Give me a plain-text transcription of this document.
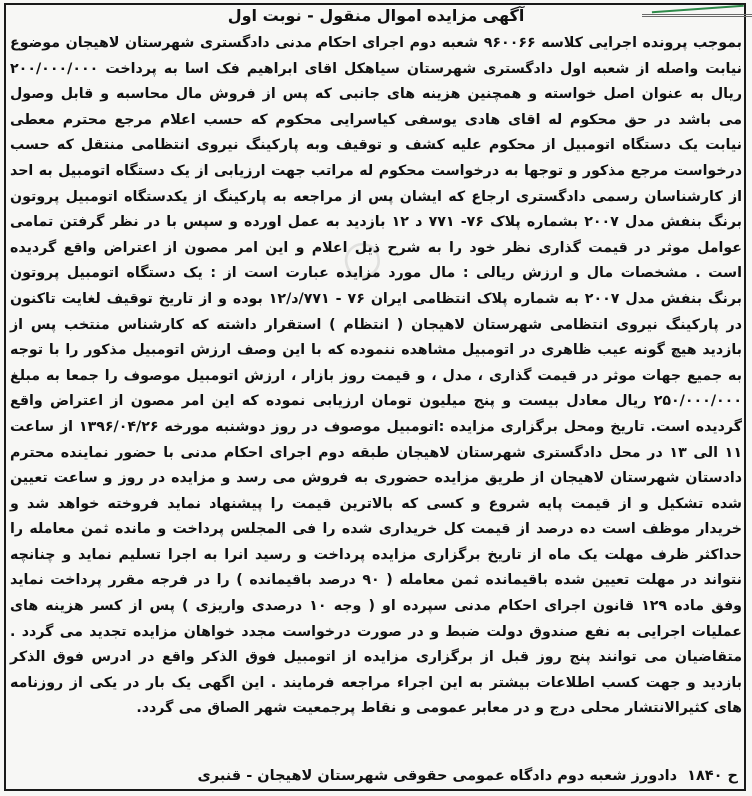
○
آگهی مزایده اموال منقول - نوبت اول
بموجب پرونده اجرایی کلاسه ۹۶۰۰۶۶ شعبه دوم اجرای احکام مدنی دادگستری شهرستان لاهیجان موضوع نیابت واصله از شعبه اول دادگستری شهرستان سیاهکل اقای ابراهیم فک اسا به پرداخت ۲۰۰/۰۰۰/۰۰۰ ریال به عنوان اصل خواسته و همچنین هزینه های جانبی که پس از فروش مال محاسبه و قابل وصول می باشد در حق محکوم له اقای هادی یوسفی کیاسرایی محکوم که حسب اعلام مرجع محترم معطی نیابت یک دستگاه اتومبیل از محکوم علیه کشف و توقیف وبه پارکینگ نیروی انتظامی منتقل که حسب درخواست مرجع مذکور و توجها به درخواست محکوم له مراتب جهت ارزیابی از یک دستگاه اتومبیل به احد از کارشناسان رسمی دادگستری ارجاع که ایشان پس از مراجعه به پارکینگ از یکدستگاه اتومبیل پروتون برنگ بنفش مدل ۲۰۰۷ بشماره پلاک ۷۶- ۷۷۱ د ۱۲ بازدید به عمل اورده و سپس با در نظر گرفتن تمامی عوامل موثر در قیمت گذاری نظر خود را به شرح ذیل اعلام و این امر مصون از اعتراض واقع گردیده است . مشخصات مال و ارزش ریالی : مال مورد مزایده عبارت است از : یک دستگاه اتومبیل پروتون برنگ بنفش مدل ۲۰۰۷ به شماره پلاک انتظامی ایران ۷۶ - ۷۷۱/د/۱۲ بوده و از تاریخ توقیف لغایت تاکنون در پارکینگ نیروی انتظامی شهرستان لاهیجان ( انتظام ) استقرار داشته که کارشناس منتخب پس از بازدید هیچ گونه عیب ظاهری در اتومبیل مشاهده ننموده که با این وصف ارزش اتومبیل مذکور را با توجه به جمیع جهات موثر در قیمت گذاری ، مدل ، و قیمت روز بازار ، ارزش اتومبیل موصوف را جمعا به مبلغ ۲۵۰/۰۰۰/۰۰۰ ریال معادل بیست و پنج میلیون تومان ارزیابی نموده که این امر مصون از اعتراض واقع گردیده است. تاریخ ومحل برگزاری مزایده :اتومبیل موصوف در روز دوشنبه مورخه ۱۳۹۶/۰۴/۲۶ از ساعت ۱۱ الی ۱۳ در محل دادگستری شهرستان لاهیجان طبقه دوم اجرای احکام مدنی با حضور نماینده محترم دادستان شهرستان لاهیجان از طریق مزایده حضوری به فروش می رسد و مزایده در روز و ساعت تعیین شده تشکیل و از قیمت پایه شروع و کسی که بالاترین قیمت را پیشنهاد نماید فروخته خواهد شد و خریدار موظف است ده درصد از قیمت کل خریداری شده را فی المجلس پرداخت و مانده ثمن معامله را حداکثر ظرف مهلت یک ماه از تاریخ برگزاری مزایده پرداخت و رسید انرا به اجرا تسلیم نماید و چنانچه نتواند در مهلت تعیین شده باقیمانده ثمن معامله ( ۹۰ درصد باقیمانده ) را در فرجه مقرر پرداخت نماید وفق ماده ۱۲۹ قانون اجرای احکام مدنی سپرده او ( وجه ۱۰ درصدی واریزی ) پس از کسر هزینه های عملیات اجرایی به نفع صندوق دولت ضبط و در صورت درخواست مجدد خواهان مزایده تجدید می گردد . متقاضیان می توانند پنج روز قبل از برگزاری مزایده از اتومبیل فوق الذکر واقع در ادرس فوق الذکر بازدید و جهت کسب اطلاعات بیشتر به این اجراء مراجعه فرمایند . این اگهی یک بار در یکی از روزنامه های کثیرالانتشار محلی درج و در معابر عمومی و نقاط پرجمعیت شهر الصاق می گردد.
ح ۱۸۴۰
دادورز شعبه دوم دادگاه عمومی حقوقی شهرستان لاهیجان - قنبری
